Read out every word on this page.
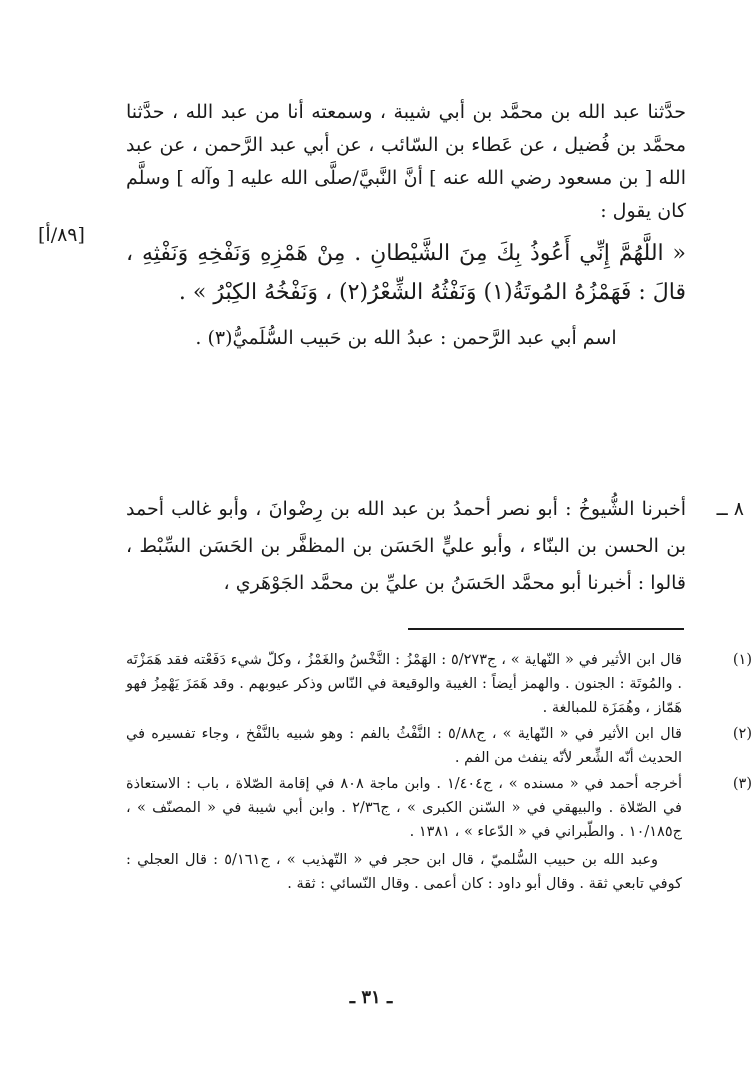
حدَّثنا عبد الله بن محمَّد بن أبي شيبة ، وسمعته أنا من عبد الله ، حدَّثنا محمَّد بن فُضيل ، عن عَطاء بن السّائب ، عن أبي عبد الرَّحمن ، عن عبد الله [ بن مسعود رضي الله عنه ] أنَّ النَّبيَّ/صلَّى الله عليه [ وآله ] وسلَّم كان يقول :

« اللَّهُمَّ إِنِّي أَعُوذُ بِكَ مِنَ الشَّيْطانِ . مِنْ هَمْزِهِ وَنَفْخِهِ وَنَفْثِهِ ، قالَ : فَهَمْزُهُ المُوتَةُ(١) وَنَفْثُهُ الشِّعْرُ(٢) ، وَنَفْخُهُ الكِبْرُ » .

اسم أبي عبد الرَّحمن : عبدُ الله بن حَبيب السُّلَميُّ(٣) .

[٨٩/أ]
٨ ــ

أخبرنا الشُّيوخُ : أبو نصر أحمدُ بن عبد الله بن رِضْوانَ ، وأبو غالب أحمد بن الحسن بن البنّاء ، وأبو عليٍّ الحَسَن بن المظفَّر بن الحَسَن السِّبْط ، قالوا : أخبرنا أبو محمَّد الحَسَنُ بن عليِّ بن محمَّد الجَوْهَري ،

(١)

قال ابن الأثير في « النّهاية » ، ج٥/٢٧٣ : الهَمْزُ : النَّخْسُ والغَمْزُ ، وكلّ شيء دَفَعْته فقد هَمَزْتَه . والمُوتَة : الجنون . والهمز أيضاً : الغيبة والوقيعة في النّاس وذكر عيوبهم . وقد هَمَزَ يَهْمِزُ فهو هَمّاز ، وهُمَزَة للمبالغة .

(٢)

قال ابن الأثير في « النّهاية » ، ج٥/٨٨ : النَّفْثُ بالفم : وهو شبيه بالنَّفْخ ، وجاء تفسيره في الحديث أنّه الشِّعر لأنّه ينفث من الفم .

(٣)

أخرجه أحمد في « مسنده » ، ج١/٤٠٤ . وابن ماجة ٨٠٨ في إقامة الصّلاة ، باب : الاستعاذة في الصّلاة . والبيهقي في « السّنن الكبرى » ، ج٢/٣٦ . وابن أبي شيبة في « المصنّف » ، ج١٠/١٨٥ . والطّبراني في « الدّعاء » ، ١٣٨١ .

وعبد الله بن حبيب السُّلميّ ، قال ابن حجر في « التّهذيب » ، ج٥/١٦١ : قال العجلي : كوفي تابعي ثقة . وقال أبو داود : كان أعمى . وقال النّسائي : ثقة .

ـ ٣١ ـ
